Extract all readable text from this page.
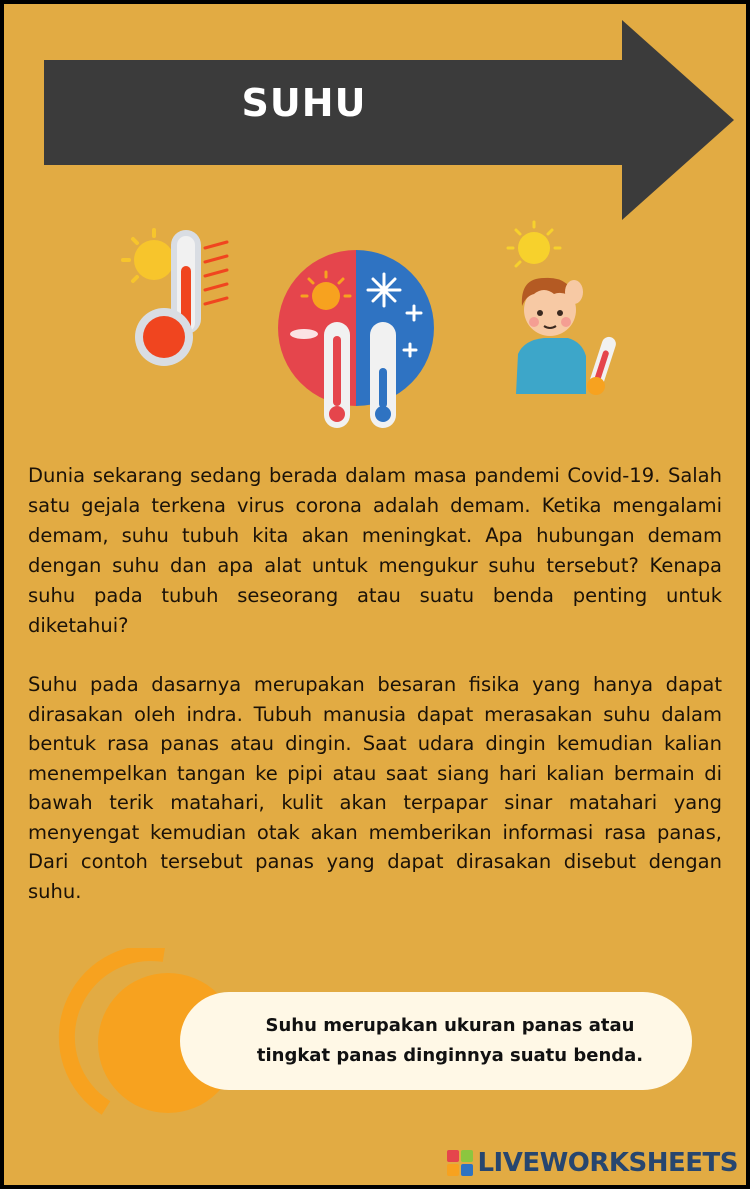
SUHU

Dunia sekarang sedang berada dalam masa pandemi Covid-19. Salah satu gejala terkena virus corona adalah demam. Ketika mengalami demam, suhu tubuh kita akan meningkat. Apa hubungan demam dengan suhu dan apa alat untuk mengukur suhu tersebut? Kenapa suhu pada tubuh seseorang atau suatu benda penting untuk diketahui?

Suhu pada dasarnya merupakan besaran fisika yang hanya dapat dirasakan oleh indra. Tubuh manusia dapat merasakan suhu dalam bentuk rasa panas atau dingin. Saat udara dingin kemudian kalian menempelkan tangan ke pipi atau saat siang hari kalian bermain di bawah terik matahari, kulit akan terpapar sinar matahari yang menyengat kemudian otak akan memberikan informasi rasa panas, Dari contoh tersebut panas yang dapat dirasakan disebut dengan suhu.

Suhu merupakan ukuran panas atau tingkat panas dinginnya suatu benda.

LIVEWORKSHEETS
